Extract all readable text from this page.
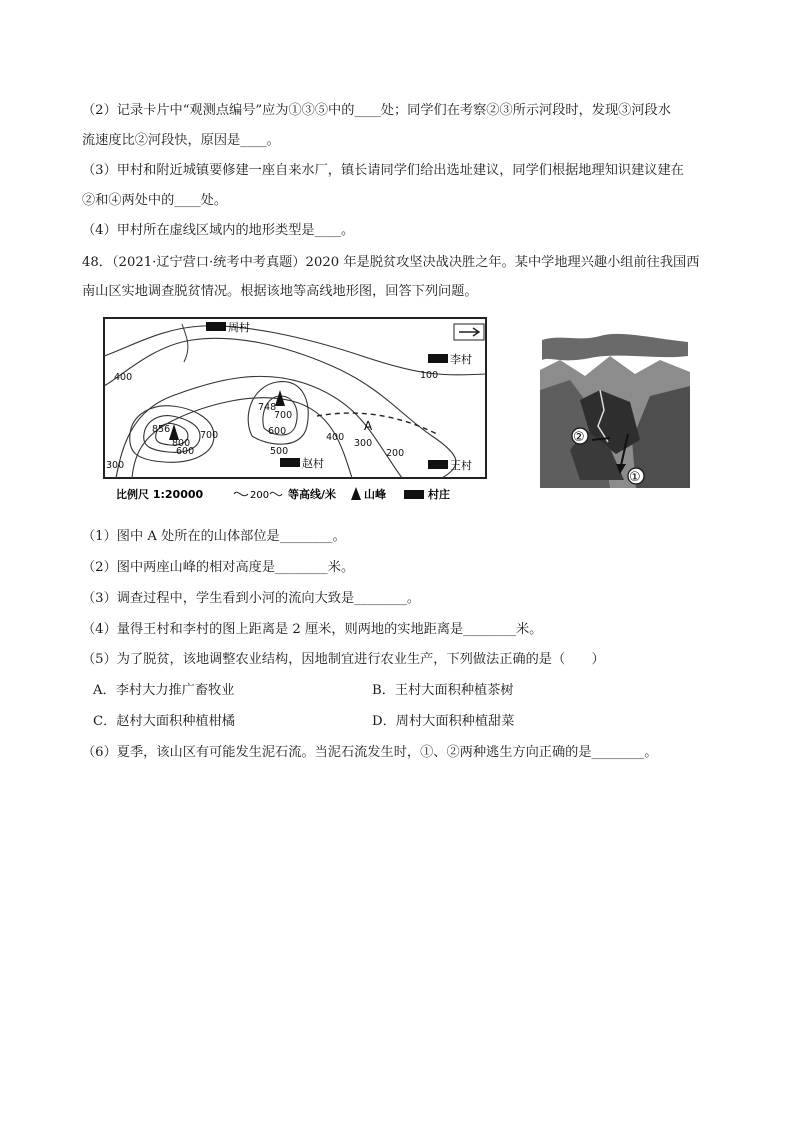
（2）记录卡片中“观测点编号”应为①③⑤中的____处；同学们在考察②③所示河段时，发现③河段水
流速度比②河段快，原因是____。
（3）甲村和附近城镇要修建一座自来水厂，镇长请同学们给出选址建议，同学们根据地理知识建议建在
②和④两处中的____处。
（4）甲村所在虚线区域内的地形类型是____。
48．（2021·辽宁营口·统考中考真题）2020 年是脱贫攻坚决战决胜之年。某中学地理兴趣小组前往我国西
南山区实地调查脱贫情况。根据该地等高线地形图，回答下列问题。
周村
李村
赵村	王村
400	100
300
400
200
500
300
600
700
600
700
800
856
748
A
比例尺 1:20000	200 等高线/米	山峰	村庄
②
①
（1）图中 A 处所在的山体部位是________。
（2）图中两座山峰的相对高度是________米。
（3）调查过程中，学生看到小河的流向大致是________。
（4）量得王村和李村的图上距离是 2 厘米，则两地的实地距离是________米。
（5）为了脱贫，该地调整农业结构，因地制宜进行农业生产，下列做法正确的是（　　）
A．李村大力推广畜牧业	B．王村大面积种植茶树
C．赵村大面积种植柑橘	D．周村大面积种植甜菜
（6）夏季，该山区有可能发生泥石流。当泥石流发生时，①、②两种逃生方向正确的是________。
